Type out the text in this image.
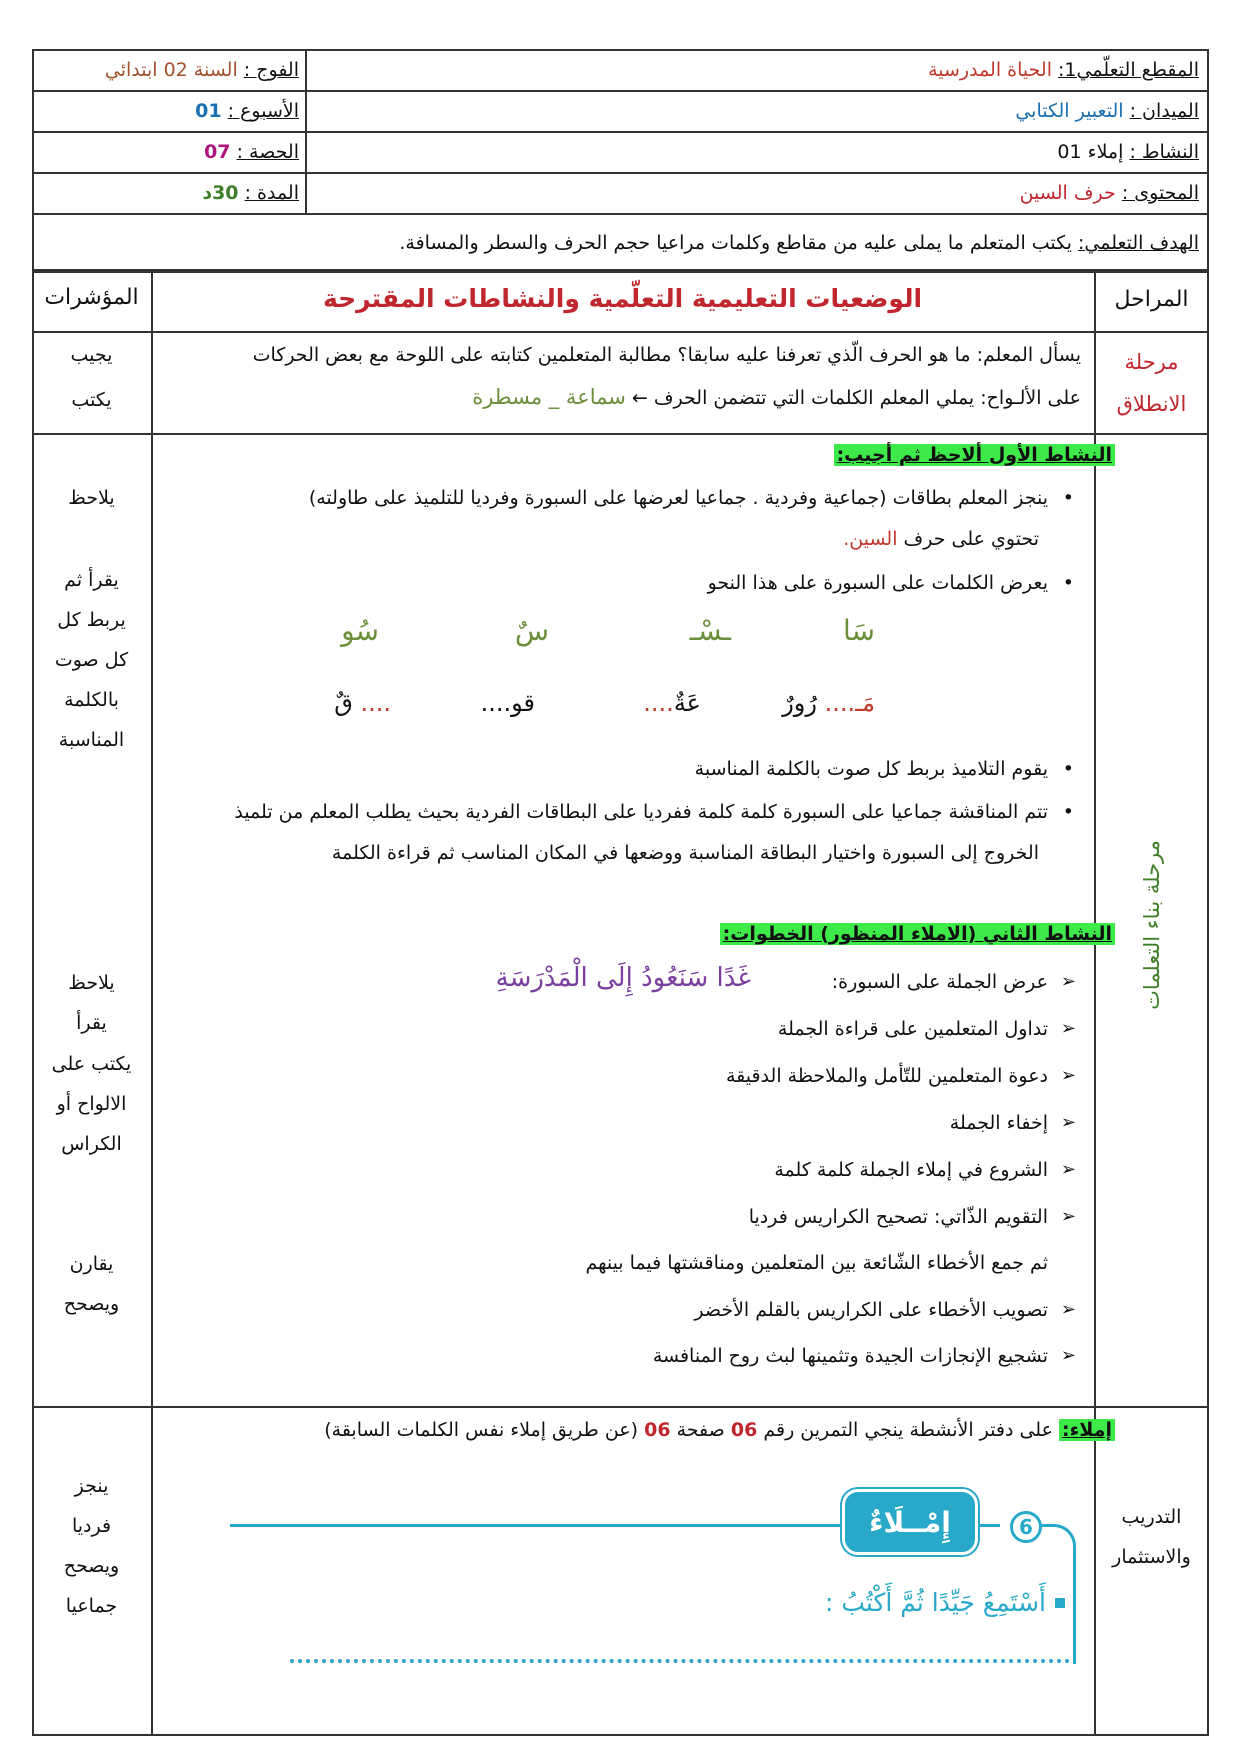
المقطع التعلّمي1: الحياة المدرسية
الفوج : السنة 02 ابتدائي
الميدان : التعبير الكتابي
الأسبوع : 01
النشاط : إملاء 01
الحصة : 07
المحتوى : حرف السين
المدة : 30د
الهدف التعلمي: يكتب المتعلم ما يملى عليه من مقاطع وكلمات مراعيا حجم الحرف والسطر والمسافة.
المراحل
الوضعيات التعليمية التعلّمية والنشاطات المقترحة
المؤشرات
مرحلة
الانطلاق
يسأل المعلم: ما هو الحرف الّذي تعرفنا عليه سابقا؟ مطالبة المتعلمين كتابته على اللوحة مع بعض الحركات
على الألـواح: يملي المعلم الكلمات التي تتضمن الحرف ← سماعة _ مسطرة
يجيب
يكتب
مرحلة بناء التعلمات
النشاط الأول ألاحظ ثم أجيب:
• ينجز المعلم بطاقات (جماعية وفردية . جماعيا لعرضها على السبورة وفرديا للتلميذ على طاولته)
تحتوي على حرف السين.
• يعرض الكلمات على السبورة على هذا النحو
سَا
ـسْـ
سٌ
سُو
مَـ.... رُورٌ
عَةٌ....
قو....
.... قٌ
• يقوم التلاميذ بربط كل صوت بالكلمة المناسبة
• تتم المناقشة جماعيا على السبورة كلمة كلمة ففرديا على البطاقات الفردية بحيث يطلب المعلم من تلميذ
الخروج إلى السبورة واختيار البطاقة المناسبة ووضعها في المكان المناسب ثم قراءة الكلمة
النشاط الثاني (الاملاء المنظور) الخطوات:
➢ عرض الجملة على السبورة:
غَدًا سَنَعُودُ إِلَى الْمَدْرَسَةِ
➢ تداول المتعلمين على قراءة الجملة
➢ دعوة المتعلمين للتّأمل والملاحظة الدقيقة
➢ إخفاء الجملة
➢ الشروع في إملاء الجملة كلمة كلمة
➢ التقويم الذّاتي: تصحيح الكراريس فرديا
ثم جمع الأخطاء الشّائعة بين المتعلمين ومناقشتها فيما بينهم
➢ تصويب الأخطاء على الكراريس بالقلم الأخضر
➢ تشجيع الإنجازات الجيدة وتثمينها لبث روح المنافسة
يلاحظ
يقرأ ثم
يربط كل
كل صوت
بالكلمة
المناسبة
يلاحظ
يقرأ
يكتب على
الالواح أو
الكراس
يقارن
ويصحح
التدريب
والاستثمار
إملاء: على دفتر الأنشطة ينجي التمرين رقم 06 صفحة 06 (عن طريق إملاء نفس الكلمات السابقة)
إِمْــلَاءٌ	6
أَسْتَمِعُ جَيِّدًا ثُمَّ أَكْتُبُ :
ينجز
فرديا
ويصحح
جماعيا
